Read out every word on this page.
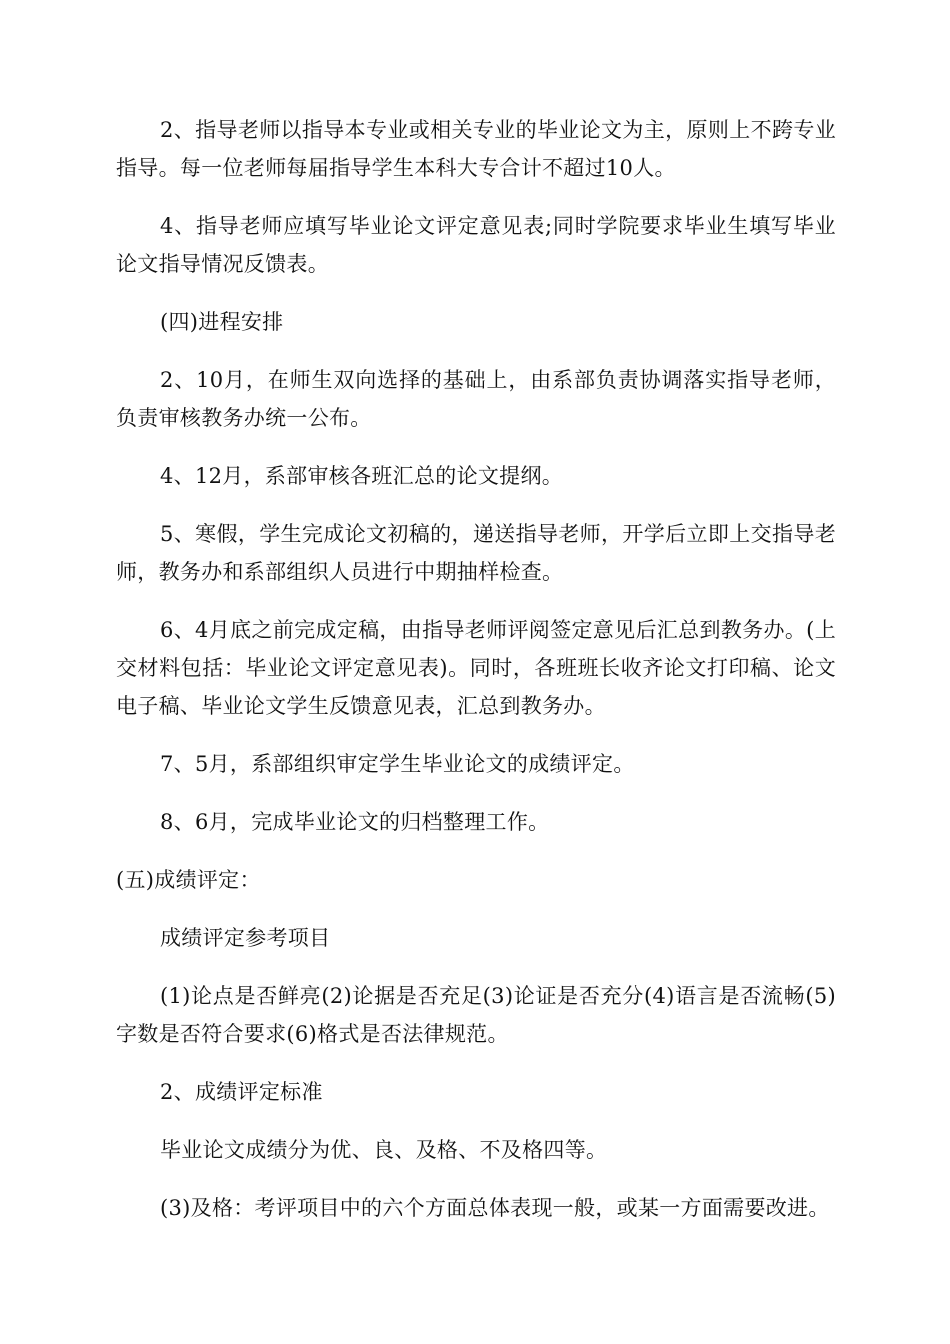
2、指导老师以指导本专业或相关专业的毕业论文为主，原则上不跨专业指导。每一位老师每届指导学生本科大专合计不超过10人。

4、指导老师应填写毕业论文评定意见表;同时学院要求毕业生填写毕业论文指导情况反馈表。

(四)进程安排

2、10月，在师生双向选择的基础上，由系部负责协调落实指导老师，负责审核教务办统一公布。

4、12月，系部审核各班汇总的论文提纲。

5、寒假，学生完成论文初稿的，递送指导老师，开学后立即上交指导老师，教务办和系部组织人员进行中期抽样检查。

6、4月底之前完成定稿，由指导老师评阅签定意见后汇总到教务办。(上交材料包括：毕业论文评定意见表)。同时，各班班长收齐论文打印稿、论文电子稿、毕业论文学生反馈意见表，汇总到教务办。

7、5月，系部组织审定学生毕业论文的成绩评定。

8、6月，完成毕业论文的归档整理工作。

(五)成绩评定：

成绩评定参考项目

(1)论点是否鲜亮(2)论据是否充足(3)论证是否充分(4)语言是否流畅(5)字数是否符合要求(6)格式是否法律规范。

2、成绩评定标准

毕业论文成绩分为优、良、及格、不及格四等。

(3)及格：考评项目中的六个方面总体表现一般，或某一方面需要改进。
